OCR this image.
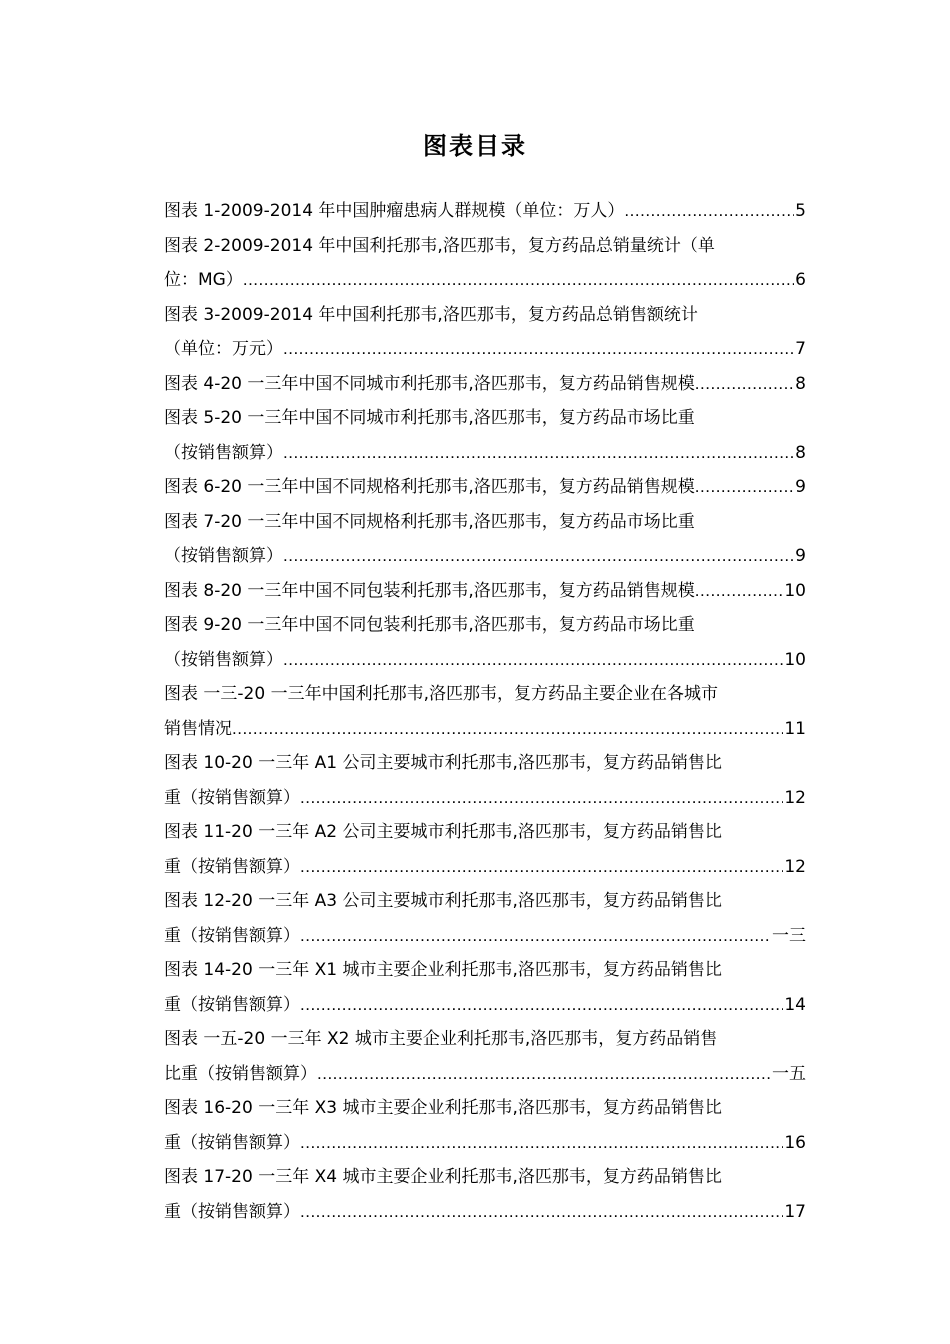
图表目录
图表 1-2009-2014 年中国肿瘤患病人群规模（单位：万人） .....	5
图表 2-2009-2014 年中国利托那韦,洛匹那韦，复方药品总销量统计（单
位：MG） .....	6
图表 3-2009-2014 年中国利托那韦,洛匹那韦，复方药品总销售额统计
（单位：万元） .....	7
图表 4-20 一三年中国不同城市利托那韦,洛匹那韦，复方药品销售规模 .....	8
图表 5-20 一三年中国不同城市利托那韦,洛匹那韦，复方药品市场比重
（按销售额算） .....	8
图表 6-20 一三年中国不同规格利托那韦,洛匹那韦，复方药品销售规模 .....	9
图表 7-20 一三年中国不同规格利托那韦,洛匹那韦，复方药品市场比重
（按销售额算） .....	9
图表 8-20 一三年中国不同包装利托那韦,洛匹那韦，复方药品销售规模 .....	10
图表 9-20 一三年中国不同包装利托那韦,洛匹那韦，复方药品市场比重
（按销售额算） .....	10
图表 一三-20 一三年中国利托那韦,洛匹那韦，复方药品主要企业在各城市
销售情况 .....	11
图表 10-20 一三年 A1 公司主要城市利托那韦,洛匹那韦，复方药品销售比
重（按销售额算） .....	12
图表 11-20 一三年 A2 公司主要城市利托那韦,洛匹那韦，复方药品销售比
重（按销售额算） .....	12
图表 12-20 一三年 A3 公司主要城市利托那韦,洛匹那韦，复方药品销售比
重（按销售额算） .....	一三
图表 14-20 一三年 X1 城市主要企业利托那韦,洛匹那韦，复方药品销售比
重（按销售额算） .....	14
图表 一五-20 一三年 X2 城市主要企业利托那韦,洛匹那韦，复方药品销售
比重（按销售额算） .....	一五
图表 16-20 一三年 X3 城市主要企业利托那韦,洛匹那韦，复方药品销售比
重（按销售额算） .....	16
图表 17-20 一三年 X4 城市主要企业利托那韦,洛匹那韦，复方药品销售比
重（按销售额算） .....	17
